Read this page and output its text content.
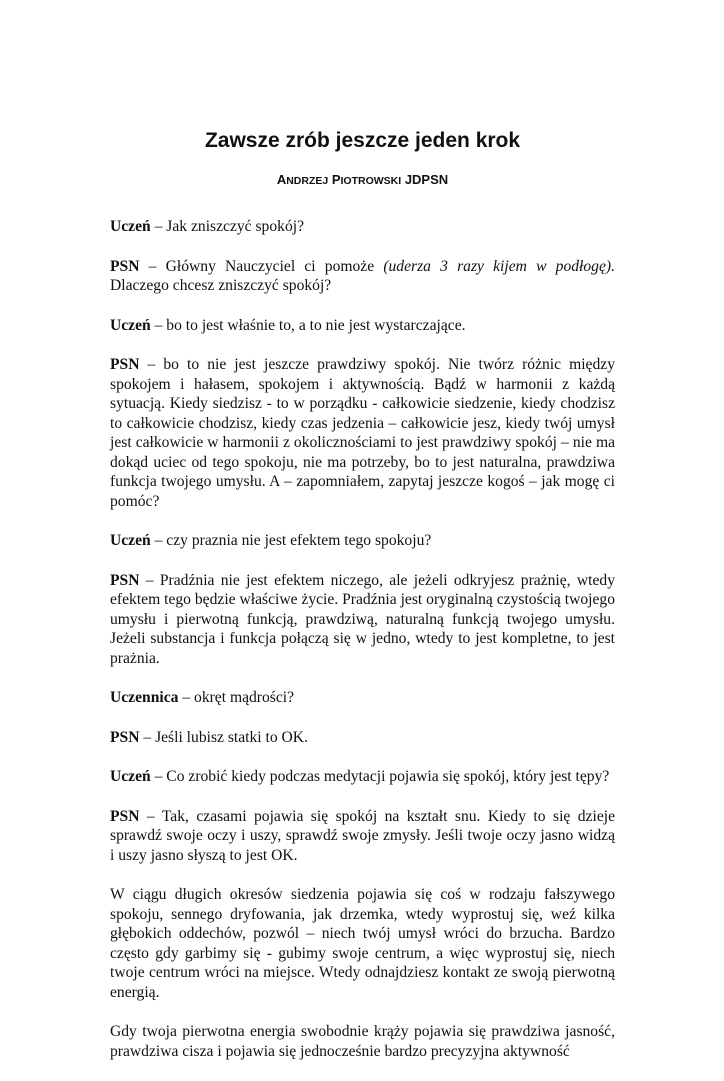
Zawsze zrób jeszcze jeden krok
ANDRZEJ PIOTROWSKI JDPSN

Uczeń – Jak zniszczyć spokój?

PSN – Główny Nauczyciel ci pomoże (uderza 3 razy kijem w podłogę). Dlaczego chcesz zniszczyć spokój?

Uczeń – bo to jest właśnie to, a to nie jest wystarczające.

PSN – bo to nie jest jeszcze prawdziwy spokój. Nie twórz różnic między spokojem i hałasem, spokojem i aktywnością. Bądź w harmonii z każdą sytuacją. Kiedy siedzisz - to w porządku - całkowicie siedzenie, kiedy chodzisz to całkowicie chodzisz, kiedy czas jedzenia – całkowicie jesz, kiedy twój umysł jest całkowicie w harmonii z okolicznościami to jest prawdziwy spokój – nie ma dokąd uciec od tego spokoju, nie ma potrzeby, bo to jest naturalna, prawdziwa funkcja twojego umysłu. A – zapomniałem, zapytaj jeszcze kogoś – jak mogę ci pomóc?

Uczeń – czy praznia nie jest efektem tego spokoju?

PSN – Pradźnia nie jest efektem niczego, ale jeżeli odkryjesz prażnię, wtedy efektem tego będzie właściwe życie. Pradźnia jest oryginalną czystością twojego umysłu i pierwotną funkcją, prawdziwą, naturalną funkcją twojego umysłu. Jeżeli substancja i funkcja połączą się w jedno, wtedy to jest kompletne, to jest prażnia.

Uczennica – okręt mądrości?

PSN – Jeśli lubisz statki to OK.

Uczeń – Co zrobić kiedy podczas medytacji pojawia się spokój, który jest tępy?

PSN – Tak, czasami pojawia się spokój na kształt snu. Kiedy to się dzieje sprawdź swoje oczy i uszy, sprawdź swoje zmysły. Jeśli twoje oczy jasno widzą i uszy jasno słyszą to jest OK.

W ciągu długich okresów siedzenia pojawia się coś w rodzaju fałszywego spokoju, sennego dryfowania, jak drzemka, wtedy wyprostuj się, weź kilka głębokich oddechów, pozwól – niech twój umysł wróci do brzucha. Bardzo często gdy garbimy się - gubimy swoje centrum, a więc wyprostuj się, niech twoje centrum wróci na miejsce. Wtedy odnajdziesz kontakt ze swoją pierwotną energią.

Gdy twoja pierwotna energia swobodnie krąży pojawia się prawdziwa jasność, prawdziwa cisza i pojawia się jednocześnie bardzo precyzyjna aktywność
